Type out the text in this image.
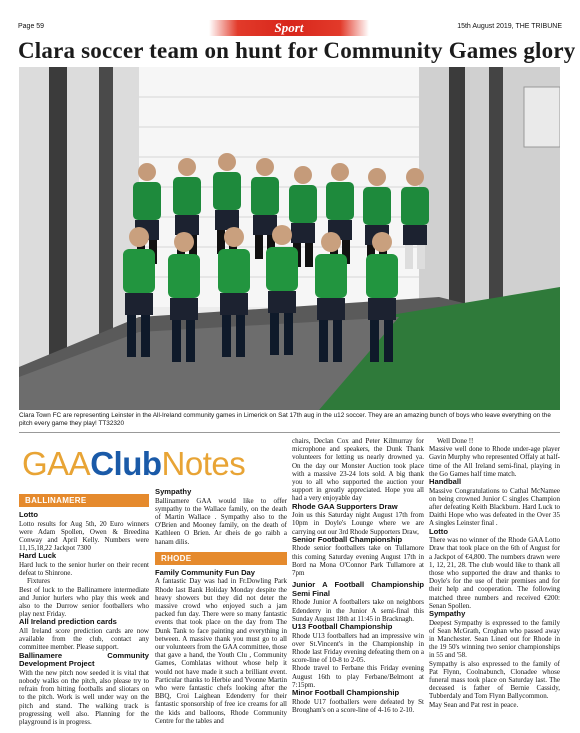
Page 59	Sport	15th August 2019, THE TRIBUNE
Clara soccer team on hunt for Community Games glory
Clara Town FC are representing Leinster in the All-Ireland community games in Limerick on Sat 17th aug in the u12 soccer. They are an amazing bunch of boys who leave everything on the pitch every game they play! TT32320
GAAClubNotes
BALLINAMERE

Lotto

Lotto results for Aug 5th, 20 Euro winners were Adam Spollen, Owen & Breedina Conway and April Kelly. Numbers were 11,15,18,22 Jackpot 7300

Hard Luck

Hard luck to the senior hurler on their recent defeat to Shinrone.

Fixtures

Best of luck to the Ballinamere intermediate and Junior hurlers who play this week and also to the Durrow senior footballers who play next Friday.

All Ireland prediction cards

All Ireland score prediction cards are now available from the club, contact any committee member. Please support.

Ballinamere Community Development Project

With the new pitch now seeded it is vital that nobody walks on the pitch, also please try to refrain from hitting footballs and sliotars on to the pitch. Work is well under way on the pitch and stand. The walking track is progressing well also. Planning for the playground is in progress.

Sympathy

Ballinamere GAA would like to offer sympathy to the Wallace family, on the death of Martin Wallace . Sympathy also to the O'Brien and Mooney family, on the death of Kathleen O Brien. Ar dheis de go raibh a hanam dilis.

RHODE

Family Community Fun Day

A fantastic Day was had in Fr.Dowling Park Rhode last Bank Holiday Monday despite the heavy showers but they did not deter the massive crowd who enjoyed such a jam packed fun day. There were so many fantastic events that took place on the day from The Dunk Tank to face painting and everything in between. A massive thank you must go to all our volunteers from the GAA committee, those that gave a hand, the Youth Clu , Community Games, Comhlatas without whose help it would not have made it such a brilliant event. Particular thanks to Herbie and Yvonne Martin who were fantastic chefs looking after the BBQ, Croi Laighean Edenderry for their fantastic sponsorship of free ice creams for all the kids and balloons, Rhode Community Centre for the tables and

chairs, Declan Cox and Peter Kilmurray for microphone and speakers, the Dunk Thank volunteers for letting us nearly drowned ya. On the day our Monster Auction took place with a massive 23-24 lots sold. A big thank you to all who supported the auction your support in greatly appreciated. Hope you all had a very enjoyable day

Rhode GAA Supporters Draw

Join us this Saturday night August 17th from 10pm in Doyle's Lounge where we are carrying out our 3rd Rhode Supporters Draw,

Senior Football Championship

Rhode senior footballers take on Tullamore this coming Saturday evening August 17th in Bord na Mona O'Connor Park Tullamore at 7pm

Junior A Football Championship Semi Final

Rhode Junior A footballers take on neighbors Edenderry in the Junior A semi-final this Sunday August 18th at 11:45 in Bracknagh.

U13 Football Championship

Rhode U13 footballers had an impressive win over St.Vincent's in the Championship in Rhode last Friday evening defeating them on a score-line of 10-8 to 2-05.

Rhode travel to Ferbane this Friday evening August 16th to play Ferbane/Belmont at 7:15pm.

Minor Football Championship

Rhode U17 footballers were defeated by St Brougham's on a score-line of 4-16 to 2-10.

Well Done !!

Massive well done to Rhode under-age player Gavin Murphy who represented Offaly at half-time of the All Ireland semi-final, playing in the Go Games half time match.

Handball

Massive Congratulations to Cathal McNamee on being crowned Junior C singles Champion after defeating Keith Blackburn. Hard Luck to Daithi Hope who was defeated in the Over 35 A singles Leinster final .

Lotto

There was no winner of the Rhode GAA Lotto Draw that took place on the 6th of August for a Jackpot of €4,800. The numbers drawn were 1, 12, 21, 28. The club would like to thank all those who supported the draw and thanks to Doyle's for the use of their premises and for their help and cooperation. The following matched three numbers and received €200: Senan Spollen.

Sympathy

Deepest Sympathy is expressed to the family of Sean McGrath, Croghan who passed away in Manchester. Sean Lined out for Rhode in the 19 50's winning two senior championships in 55 and '58.

Sympathy is also expressed to the family of Pat Flynn, Coolnabunch, Clonadee whose funeral mass took place on Saturday last. The deceased is father of Bernie Cassidy, Tubberdaly and Tom Flynn Ballycommon.

May Sean and Pat rest in peace.
